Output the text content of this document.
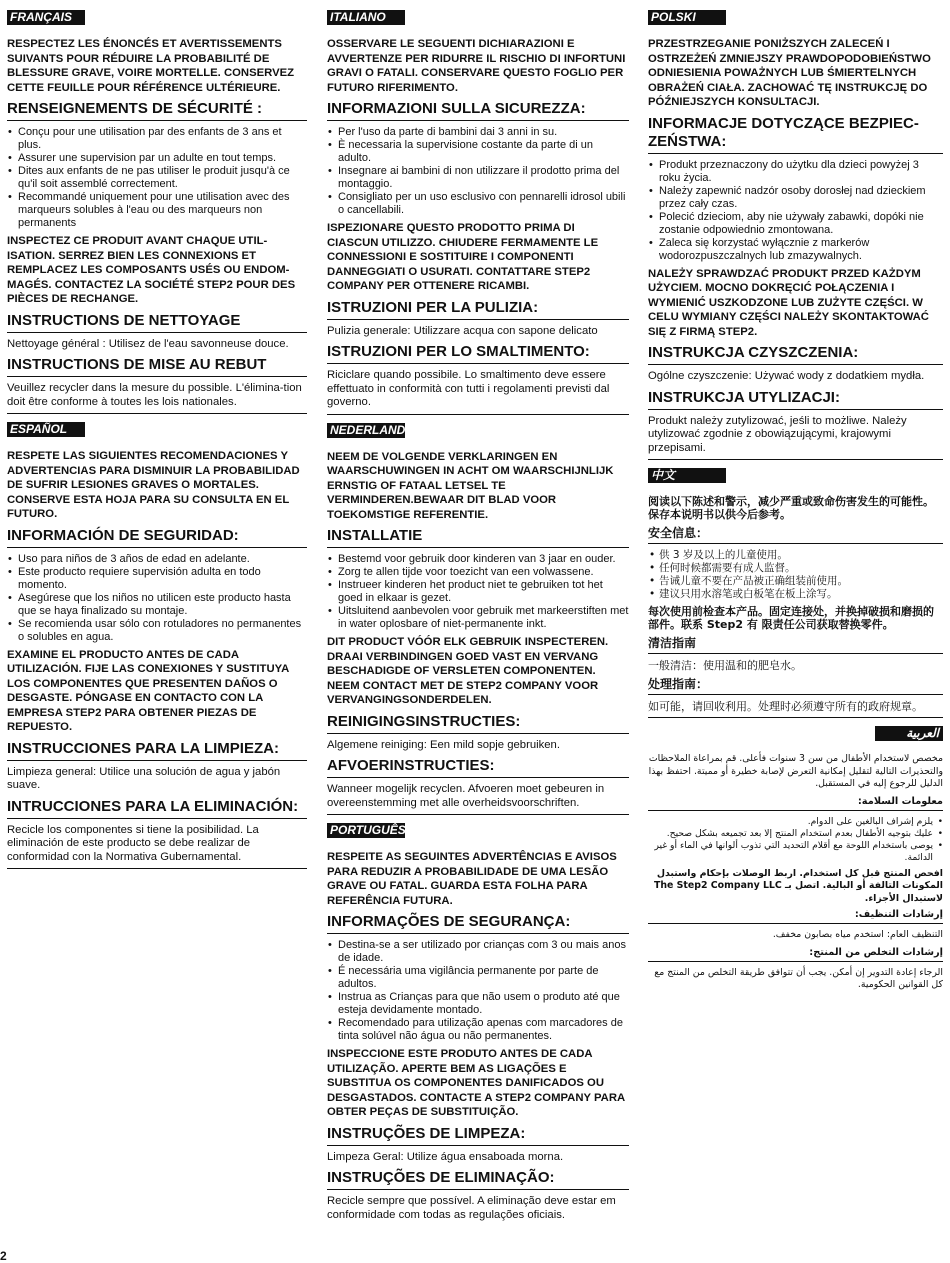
FRANÇAIS

RESPECTEZ LES ÉNONCÉS ET AVERTISSEMENTS SUIVANTS POUR RÉDUIRE LA PROBABILITÉ DE BLESSURE GRAVE, VOIRE MORTELLE. CONSERVEZ CETTE FEUILLE POUR RÉFÉRENCE ULTÉRIEURE.

RENSEIGNEMENTS DE SÉCURITÉ :
• Conçu pour une utilisation par des enfants de 3 ans et plus.
• Assurer une supervision par un adulte en tout temps.
• Dites aux enfants de ne pas utiliser le produit jusqu'à ce qu'il soit assemblé correctement.
• Recommandé uniquement pour une utilisation avec des marqueurs solubles à l'eau ou des marqueurs non permanents

INSPECTEZ CE PRODUIT AVANT CHAQUE UTIL-ISATION. SERREZ BIEN LES CONNEXIONS ET REMPLACEZ LES COMPOSANTS USÉS OU ENDOM-MAGÉS. CONTACTEZ LA SOCIÉTÉ STEP2 POUR DES PIÈCES DE RECHANGE.

INSTRUCTIONS DE NETTOYAGE

Nettoyage général : Utilisez de l'eau savonneuse douce.

INSTRUCTIONS DE MISE AU REBUT

Veuillez recycler dans la mesure du possible. L'élimina-tion doit être conforme à toutes les lois nationales.

ESPAÑOL

RESPETE LAS SIGUIENTES RECOMENDACIONES Y ADVERTENCIAS PARA DISMINUIR LA PROBABILIDAD DE SUFRIR LESIONES GRAVES O MORTALES. CONSERVE ESTA HOJA PARA SU CONSULTA EN EL FUTURO.

INFORMACIÓN DE SEGURIDAD:
• Uso para niños de 3 años de edad en adelante.
• Este producto requiere supervisión adulta en todo momento.
• Asegúrese que los niños no utilicen este producto hasta que se haya finalizado su montaje.
• Se recomienda usar sólo con rotuladores no permanentes o solubles en agua.

EXAMINE EL PRODUCTO ANTES DE CADA UTILIZACIÓN. FIJE LAS CONEXIONES Y SUSTITUYA LOS COMPONENTES QUE PRESENTEN DAÑOS O DESGASTE. PÓNGASE EN CONTACTO CON LA EMPRESA STEP2 PARA OBTENER PIEZAS DE REPUESTO.

INSTRUCCIONES PARA LA LIMPIEZA:

Limpieza general: Utilice una solución de agua y jabón suave.

INTRUCCIONES PARA LA ELIMINACIÓN:

Recicle los componentes si tiene la posibilidad. La eliminación de este producto se debe realizar de conformidad con la Normativa Gubernamental.

ITALIANO

OSSERVARE LE SEGUENTI DICHIARAZIONI E AVVERTENZE PER RIDURRE IL RISCHIO DI INFORTUNI GRAVI O FATALI. CONSERVARE QUESTO FOGLIO PER FUTURO RIFERIMENTO.

INFORMAZIONI SULLA SICUREZZA:
• Per l'uso da parte di bambini dai 3 anni in su.
• È necessaria la supervisione costante da parte di un adulto.
• Insegnare ai bambini di non utilizzare il prodotto prima del montaggio.
• Consigliato per un uso esclusivo con pennarelli idrosol ubili o cancellabili.

ISPEZIONARE QUESTO PRODOTTO PRIMA DI CIASCUN UTILIZZO. CHIUDERE FERMAMENTE LE CONNESSIONI E SOSTITUIRE I COMPONENTI DANNEGGIATI O USURATI. CONTATTARE STEP2 COMPANY PER OTTENERE RICAMBI.

ISTRUZIONI PER LA PULIZIA:

Pulizia generale: Utilizzare acqua con sapone delicato

ISTRUZIONI PER LO SMALTIMENTO:

Riciclare quando possibile. Lo smaltimento deve essere effettuato in conformità con tutti i regolamenti previsti dal governo.

NEDERLANDS

NEEM DE VOLGENDE VERKLARINGEN EN WAARSCHUWINGEN IN ACHT OM WAARSCHIJNLIJK ERNSTIG OF FATAAL LETSEL TE VERMINDEREN.BEWAAR DIT BLAD VOOR TOEKOMSTIGE REFERENTIE.

INSTALLATIE
• Bestemd voor gebruik door kinderen van 3 jaar en ouder.
• Zorg te allen tijde voor toezicht van een volwassene.
• Instrueer kinderen het product niet te gebruiken tot het goed in elkaar is gezet.
• Uitsluitend aanbevolen voor gebruik met markeerstiften met in water oplosbare of niet-permanente inkt.

DIT PRODUCT VÓÓR ELK GEBRUIK INSPECTEREN. DRAAI VERBINDINGEN GOED VAST EN VERVANG BESCHADIGDE OF VERSLETEN COMPONENTEN. NEEM CONTACT MET DE STEP2 COMPANY VOOR VERVANGINGSONDERDELEN.

REINIGINGSINSTRUCTIES:

Algemene reiniging: Een mild sopje gebruiken.

AFVOERINSTRUCTIES:

Wanneer mogelijk recyclen. Afvoeren moet gebeuren in overeenstemming met alle overheidsvoorschriften.

PORTUGUÊS

RESPEITE AS SEGUINTES ADVERTÊNCIAS E AVISOS PARA REDUZIR A PROBABILIDADE DE UMA LESÃO GRAVE OU FATAL. GUARDA ESTA FOLHA PARA REFERÊNCIA FUTURA.

INFORMAÇÕES DE SEGURANÇA:
• Destina-se a ser utilizado por crianças com 3 ou mais anos de idade.
• É necessária uma vigilância permanente por parte de adultos.
• Instrua as Crianças para que não usem o produto até que esteja devidamente montado.
• Recomendado para utilização apenas com marcadores de tinta solúvel não água ou não permanentes.

INSPECCIONE ESTE PRODUTO ANTES DE CADA UTILIZAÇÃO. APERTE BEM AS LIGAÇÕES E SUBSTITUA OS COMPONENTES DANIFICADOS OU DESGASTADOS. CONTACTE A STEP2 COMPANY PARA OBTER PEÇAS DE SUBSTITUIÇÃO.

INSTRUÇÕES DE LIMPEZA:

Limpeza Geral: Utilize água ensaboada morna.

INSTRUÇÕES DE ELIMINAÇÃO:

Recicle sempre que possível. A eliminação deve estar em conformidade com todas as regulações oficiais.

POLSKI

PRZESTRZEGANIE PONIŻSZYCH ZALECEŃ I OSTRZEŻEŃ ZMNIEJSZY PRAWDOPODOBIEŃSTWO ODNIESIENIA POWAŻNYCH LUB ŚMIERTELNYCH OBRAŻEŃ CIAŁA. ZACHOWAĆ TĘ INSTRUKCJĘ DO PÓŹNIEJSZYCH KONSULTACJI.

INFORMACJE DOTYCZĄCE BEZPIEC-ZEŃSTWA:
• Produkt przeznaczony do użytku dla dzieci powyżej 3 roku życia.
• Należy zapewnić nadzór osoby dorosłej nad dzieckiem przez cały czas.
• Polecić dzieciom, aby nie używały zabawki, dopóki nie zostanie odpowiednio zmontowana.
• Zaleca się korzystać wyłącznie z markerów wodorozpuszczalnych lub zmazywalnych.

NALEŻY SPRAWDZAĆ PRODUKT PRZED KAŻDYM UŻYCIEM. MOCNO DOKRĘCIĆ POŁĄCZENIA I WYMIENIĆ USZKODZONE LUB ZUŻYTE CZĘŚCI. W CELU WYMIANY CZĘŚCI NALEŻY SKONTAKTOWAĆ SIĘ Z FIRMĄ STEP2.

INSTRUKCJA CZYSZCZENIA:

Ogólne czyszczenie: Używać wody z dodatkiem mydła.

INSTRUKCJA UTYLIZACJI:

Produkt należy zutylizować, jeśli to możliwe. Należy utylizować zgodnie z obowiązującymi, krajowymi przepisami.

中文

阅读以下陈述和警示，减少严重或致命伤害发生的可能性。保存本说明书以供今后参考。

安全信息：
• 供 3 岁及以上的儿童使用。
• 任何时候都需要有成人监督。
• 告诫儿童不要在产品被正确组装前使用。
• 建议只用水溶笔或白板笔在板上涂写。

每次使用前检查本产品。固定连接处，并换掉破损和磨损的部件。联系 Step2 有 限责任公司获取替换零件。

清洁指南

一般清洁：使用温和的肥皂水。

处理指南：

如可能，请回收利用。处理时必须遵守所有的政府规章。

العربية

مخصص لاستخدام الأطفال من سن 3 سنوات فأعلى. قم بمراعاة الملاحظات والتحذيرات التالية لتقليل إمكانية التعرض لإصابة خطيرة أو مميتة. احتفظ بهذا الدليل للرجوع إليه في المستقبل.

معلومات السلامة:
• يلزم إشراف البالغين على الدوام.
• عليك بتوجيه الأطفال بعدم استخدام المنتج إلا بعد تجميعه بشكل صحيح.
• يوصى باستخدام اللوحة مع أقلام التحديد التي تذوب ألوانها في الماء أو غير الدائمة.

افحص المنتج قبل كل استخدام. اربط الوصلات بإحكام واستبدل المكونات التالفة أو البالية. اتصل بـ The Step2 Company LLC لاستبدال الأجزاء.

إرشادات التنظيف:

التنظيف العام: استخدم مياه بصابون مخفف.

إرشادات التخلص من المنتج:

الرجاء إعادة التدوير إن أمكن. يجب أن تتوافق طريقة التخلص من المنتج مع كل القوانين الحكومية.

2
